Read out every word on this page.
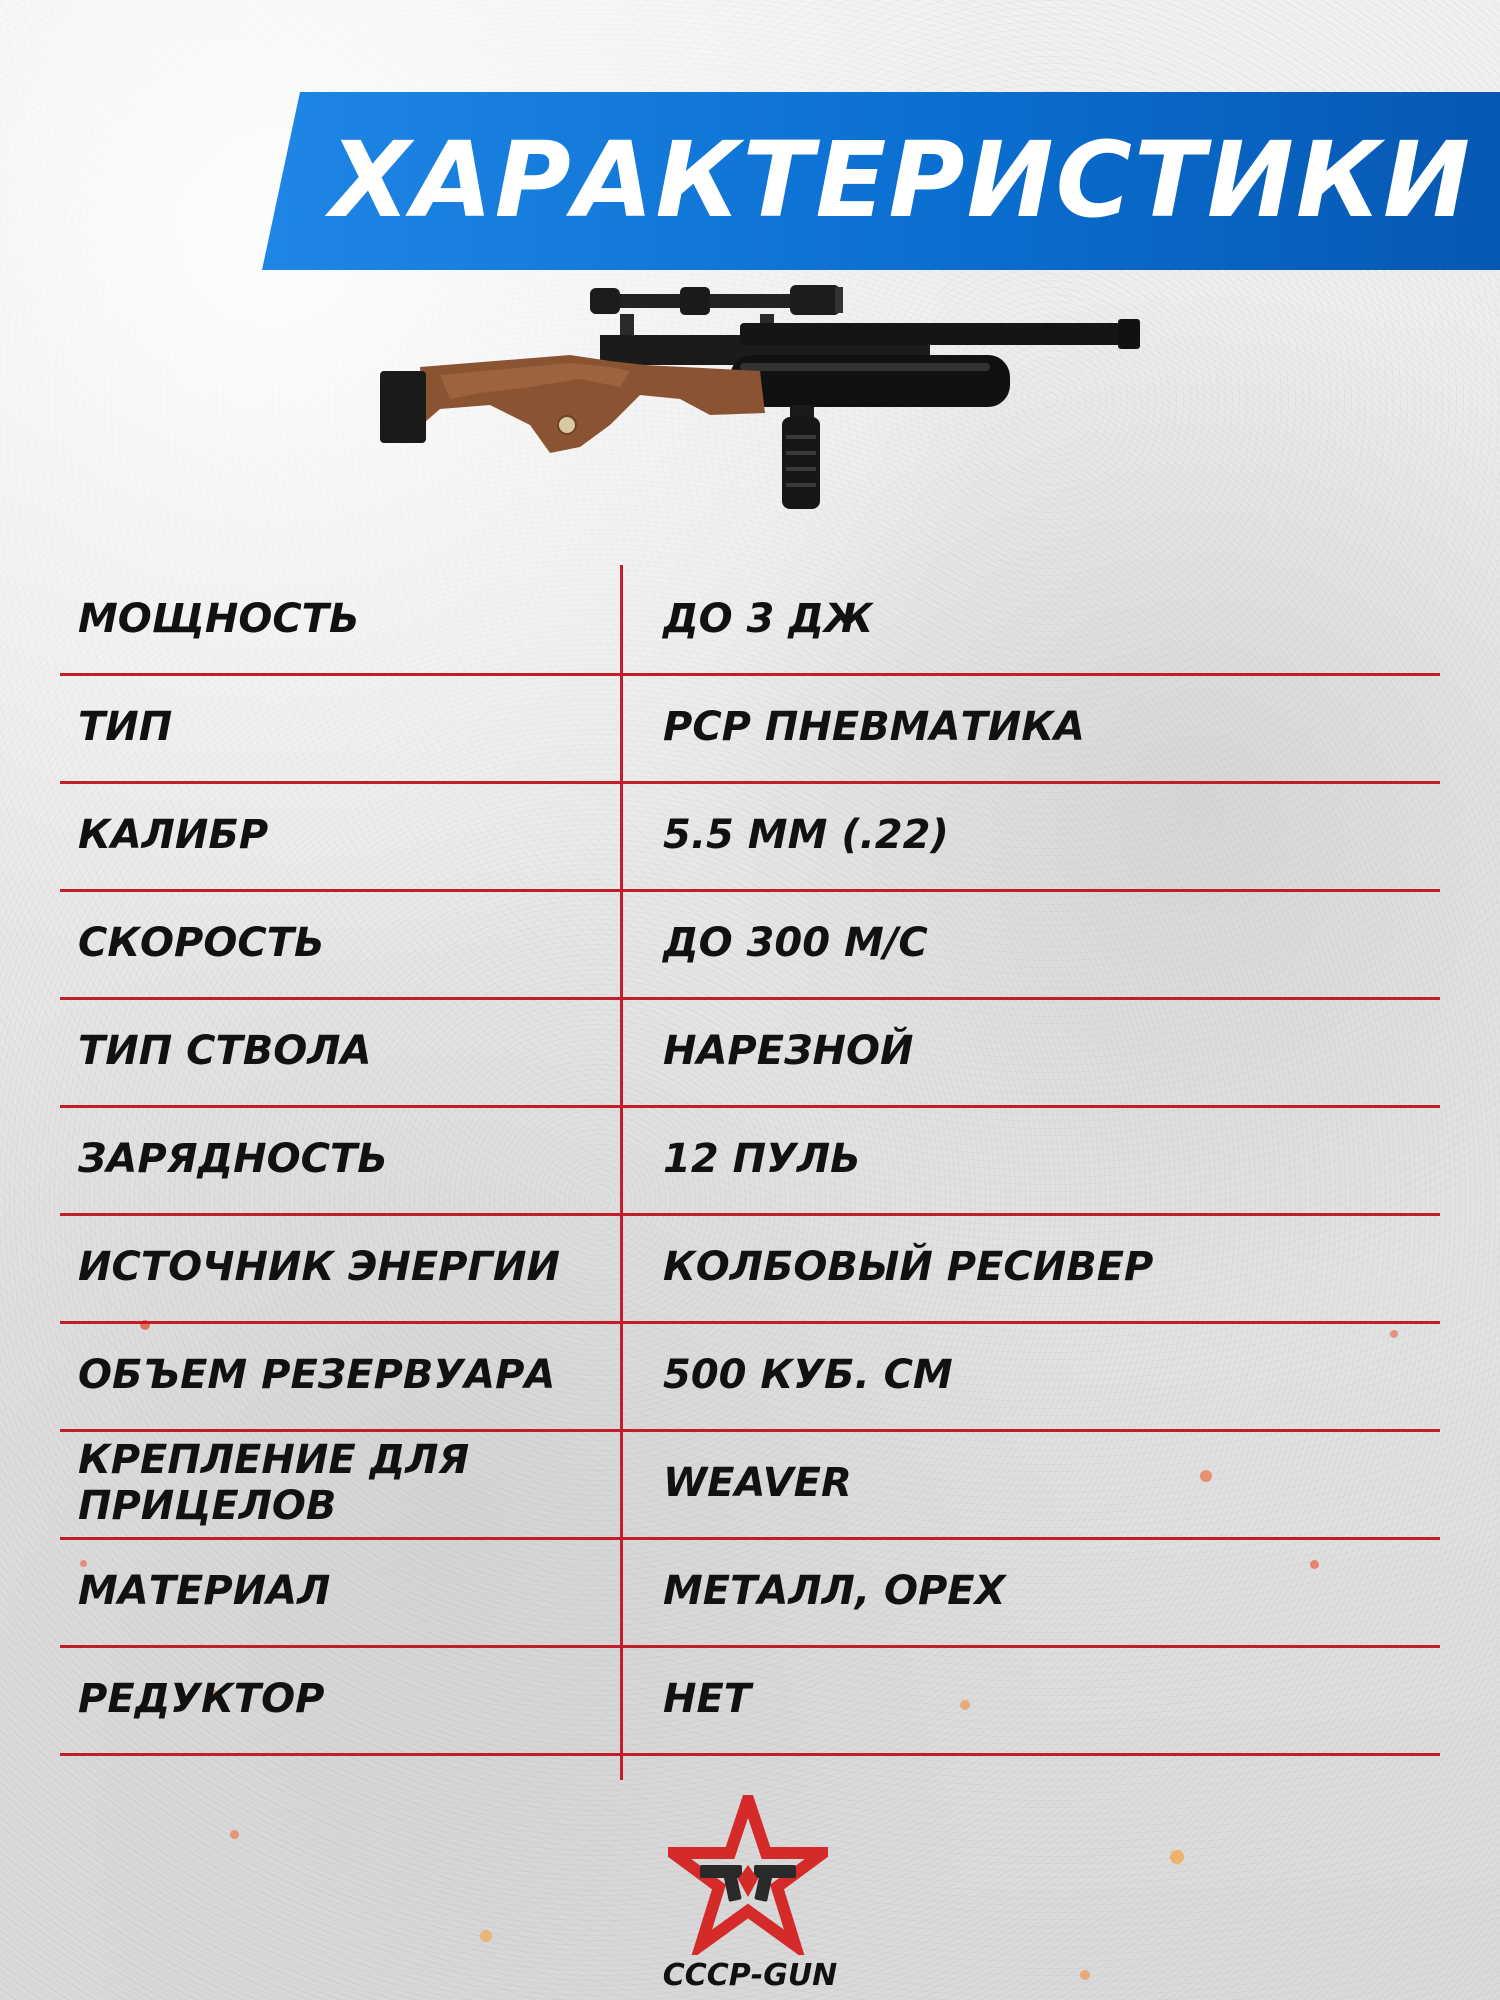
ХАРАКТЕРИСТИКИ
МОЩНОСТЬ	ДО 3 ДЖ
ТИП	PCP ПНЕВМАТИКА
КАЛИБР	5.5 ММ (.22)
СКОРОСТЬ	ДО 300 М/С
ТИП СТВОЛА	НАРЕЗНОЙ
ЗАРЯДНОСТЬ	12 ПУЛЬ
ИСТОЧНИК ЭНЕРГИИ	КОЛБОВЫЙ РЕСИВЕР
ОБЪЕМ РЕЗЕРВУАРА	500 КУБ. СМ
КРЕПЛЕНИЕ ДЛЯ ПРИЦЕЛОВ	WEAVER
МАТЕРИАЛ	МЕТАЛЛ, ОРЕХ
РЕДУКТОР	НЕТ
СССР-GUN
